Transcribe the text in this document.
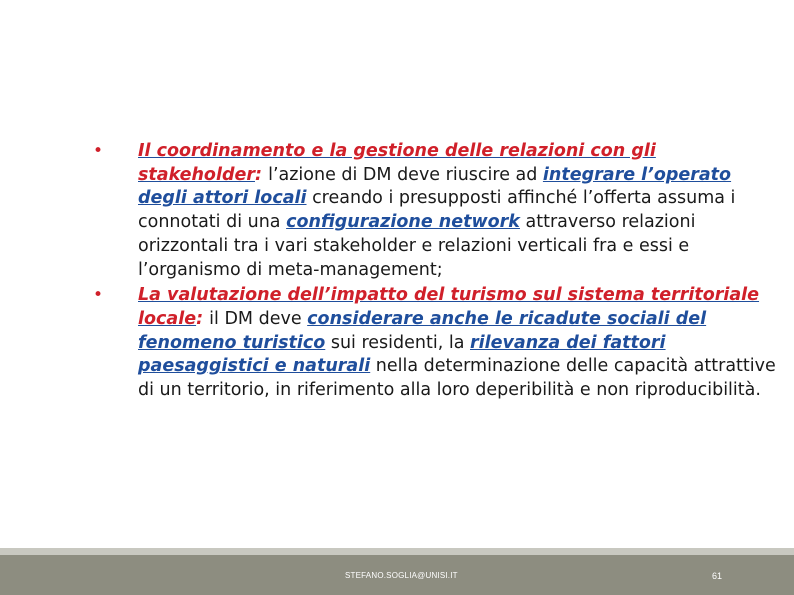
• Il coordinamento e la gestione delle relazioni con gli stakeholder: l’azione di DM deve riuscire ad integrare l’operato degli attori locali creando i presupposti affinché l’offerta assuma i connotati di una configurazione network attraverso relazioni orizzontali tra i vari stakeholder e relazioni verticali fra e essi e l’organismo di meta-management;
• La valutazione dell’impatto del turismo sul sistema territoriale locale: il DM deve considerare anche le ricadute sociali del fenomeno turistico sui residenti, la rilevanza dei fattori paesaggistici e naturali nella determinazione delle capacità attrattive di un territorio, in riferimento alla loro deperibilità e non riproducibilità.
STEFANO.SOGLIA@UNISI.IT	61
